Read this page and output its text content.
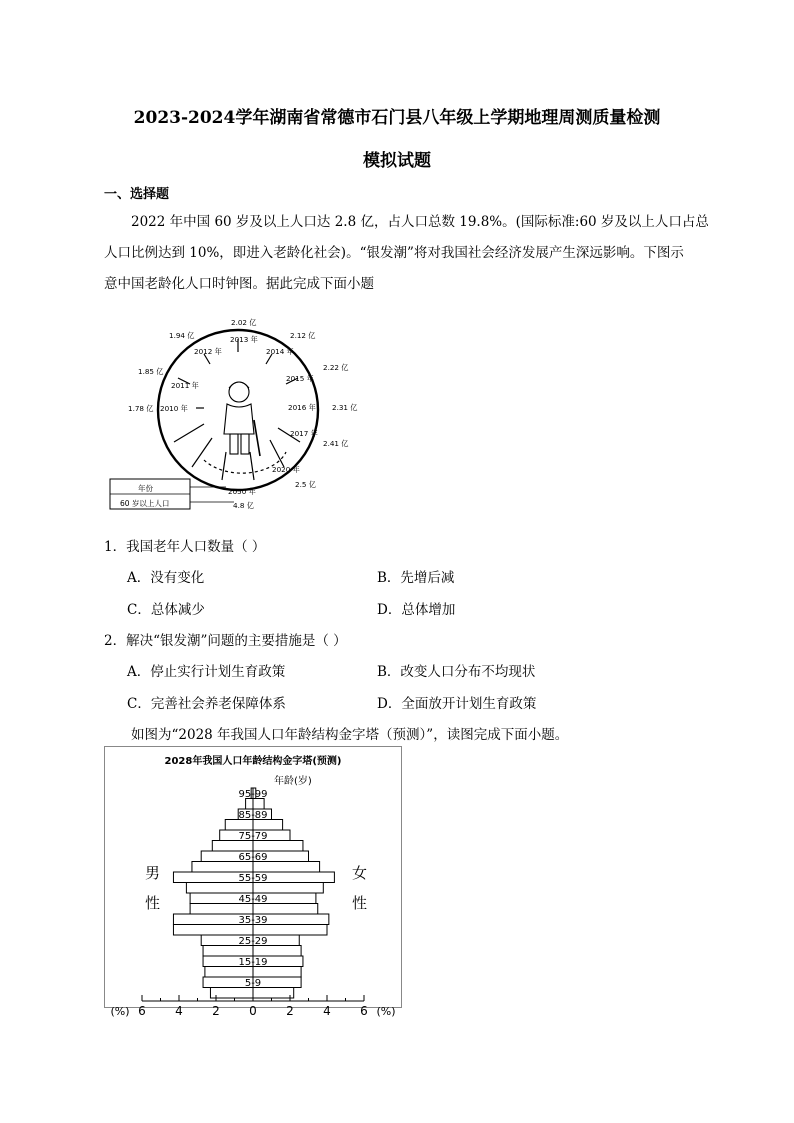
2023-2024学年湖南省常德市石门县八年级上学期地理周测质量检测
模拟试题
一、选择题
2022 年中国 60 岁及以上人口达 2.8 亿，占人口总数 19.8%。(国际标准:60 岁及以上人口占总
人口比例达到 10%，即进入老龄化社会)。“银发潮”将对我国社会经济发展产生深远影响。下图示
意中国老龄化人口时钟图。据此完成下面小题
2010 年
2011 年
2012 年
2013 年
2014 年
2015 年
2016 年
2017 年
2020 年
2050 年
1.78 亿
1.85 亿
1.94 亿
2.02 亿
2.12 亿
2.22 亿
2.31 亿
2.41 亿
2.5 亿
4.8 亿
年份
60 岁以上人口
1．我国老年人口数量（ ）
A．没有变化	B．先增后减
C．总体减少	D．总体增加
2．解决“银发潮”问题的主要措施是（ ）
A．停止实行计划生育政策	B．改变人口分布不均现状
C．完善社会养老保障体系	D．全面放开计划生育政策
如图为“2028 年我国人口年龄结构金字塔（预测）”，读图完成下面小题。
2028年我国人口年龄结构金字塔(预测)
年龄(岁)
95-99
85-89
75-79
65-69
55-59
45-49
35-39
25-29
15-19
5-9
男
性
女
性
6 4 2 0 2 4 6
(%)	(%)
